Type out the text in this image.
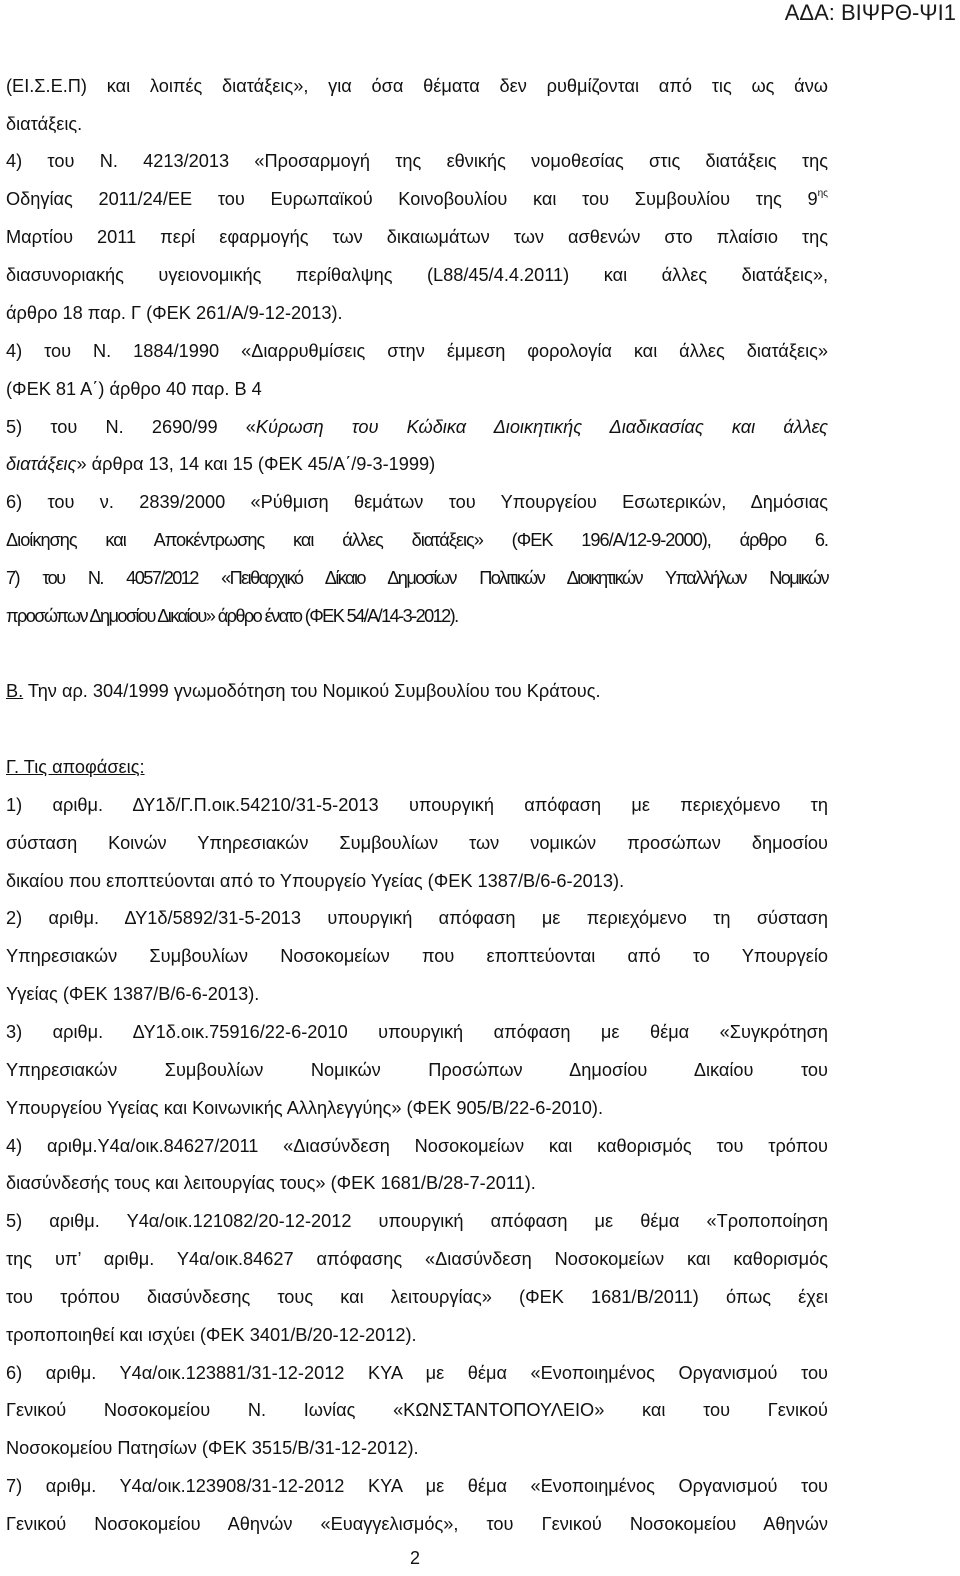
ΑΔΑ: ΒΙΨΡΘ-ΨΙ1
(ΕΙ.Σ.Ε.Π) και λοιπές διατάξεις», για όσα θέματα δεν ρυθμίζονται από τις ως άνω
διατάξεις.
4) του Ν. 4213/2013 «Προσαρμογή της εθνικής νομοθεσίας στις διατάξεις της
Οδηγίας 2011/24/ΕΕ του Ευρωπαϊκού Κοινοβουλίου και του Συμβουλίου της $9^{\eta\varsigma}$
Μαρτίου 2011 περί εφαρμογής των δικαιωμάτων των ασθενών στο πλαίσιο της
διασυνοριακής υγειονομικής περίθαλψης (L88/45/4.4.2011) και άλλες διατάξεις»,
άρθρο 18 παρ. Γ (ΦΕΚ 261/Α/9-12-2013).
4) του Ν. 1884/1990 «Διαρρυθμίσεις στην έμμεση φορολογία και άλλες διατάξεις»
(ΦΕΚ 81 Α΄) άρθρο 40 παρ. Β 4
5) του Ν. 2690/99 «Κύρωση του Κώδικα Διοικητικής Διαδικασίας και άλλες
διατάξεις» άρθρα 13, 14 και 15 (ΦΕΚ 45/Α΄/9-3-1999)
6) του ν. 2839/2000 «Ρύθμιση θεμάτων του Υπουργείου Εσωτερικών, Δημόσιας
Διοίκησης και Αποκέντρωσης και άλλες διατάξεις» (ΦΕΚ 196/Α/12-9-2000), άρθρο 6.
7) του Ν. 4057/2012 «Πειθαρχικό Δίκαιο Δημοσίων Πολιτικών Διοικητικών Υπαλλήλων Νομικών
προσώπων Δημοσίου Δικαίου» άρθρο ένατο (ΦΕΚ 54/Α/14-3-2012).
Β. Την αρ. 304/1999 γνωμοδότηση του Νομικού Συμβουλίου του Κράτους.
Γ. Τις αποφάσεις:
1) αριθμ. ΔΥ1δ/Γ.Π.οικ.54210/31-5-2013 υπουργική απόφαση με περιεχόμενο τη
σύσταση Κοινών Υπηρεσιακών Συμβουλίων των νομικών προσώπων δημοσίου
δικαίου που εποπτεύονται από το Υπουργείο Υγείας (ΦΕΚ 1387/Β/6-6-2013).
2) αριθμ. ΔΥ1δ/5892/31-5-2013 υπουργική απόφαση με περιεχόμενο τη σύσταση
Υπηρεσιακών Συμβουλίων Νοσοκομείων που εποπτεύονται από το Υπουργείο
Υγείας (ΦΕΚ 1387/Β/6-6-2013).
3) αριθμ. ΔΥ1δ.οικ.75916/22-6-2010 υπουργική απόφαση με θέμα «Συγκρότηση
Υπηρεσιακών Συμβουλίων Νομικών Προσώπων Δημοσίου Δικαίου του
Υπουργείου Υγείας και Κοινωνικής Αλληλεγγύης» (ΦΕΚ 905/Β/22-6-2010).
4) αριθμ.Υ4α/οικ.84627/2011 «Διασύνδεση Νοσοκομείων και καθορισμός του τρόπου
διασύνδεσής τους και λειτουργίας τους» (ΦΕΚ 1681/Β/28-7-2011).
5) αριθμ. Υ4α/οικ.121082/20-12-2012 υπουργική απόφαση με θέμα «Τροποποίηση
της υπ’ αριθμ. Υ4α/οικ.84627 απόφασης «Διασύνδεση Νοσοκομείων και καθορισμός
του τρόπου διασύνδεσης τους και λειτουργίας» (ΦΕΚ 1681/Β/2011) όπως έχει
τροποποιηθεί και ισχύει (ΦΕΚ 3401/Β/20-12-2012).
6) αριθμ. Υ4α/οικ.123881/31-12-2012 ΚΥΑ με θέμα «Ενοποιημένος Οργανισμού του
Γενικού Νοσοκομείου Ν. Ιωνίας «ΚΩΝΣΤΑΝΤΟΠΟΥΛΕΙΟ» και του Γενικού
Νοσοκομείου Πατησίων (ΦΕΚ 3515/Β/31-12-2012).
7) αριθμ. Υ4α/οικ.123908/31-12-2012 ΚΥΑ με θέμα «Ενοποιημένος Οργανισμού του
Γενικού Νοσοκομείου Αθηνών «Ευαγγελισμός», του Γενικού Νοσοκομείου Αθηνών
2
